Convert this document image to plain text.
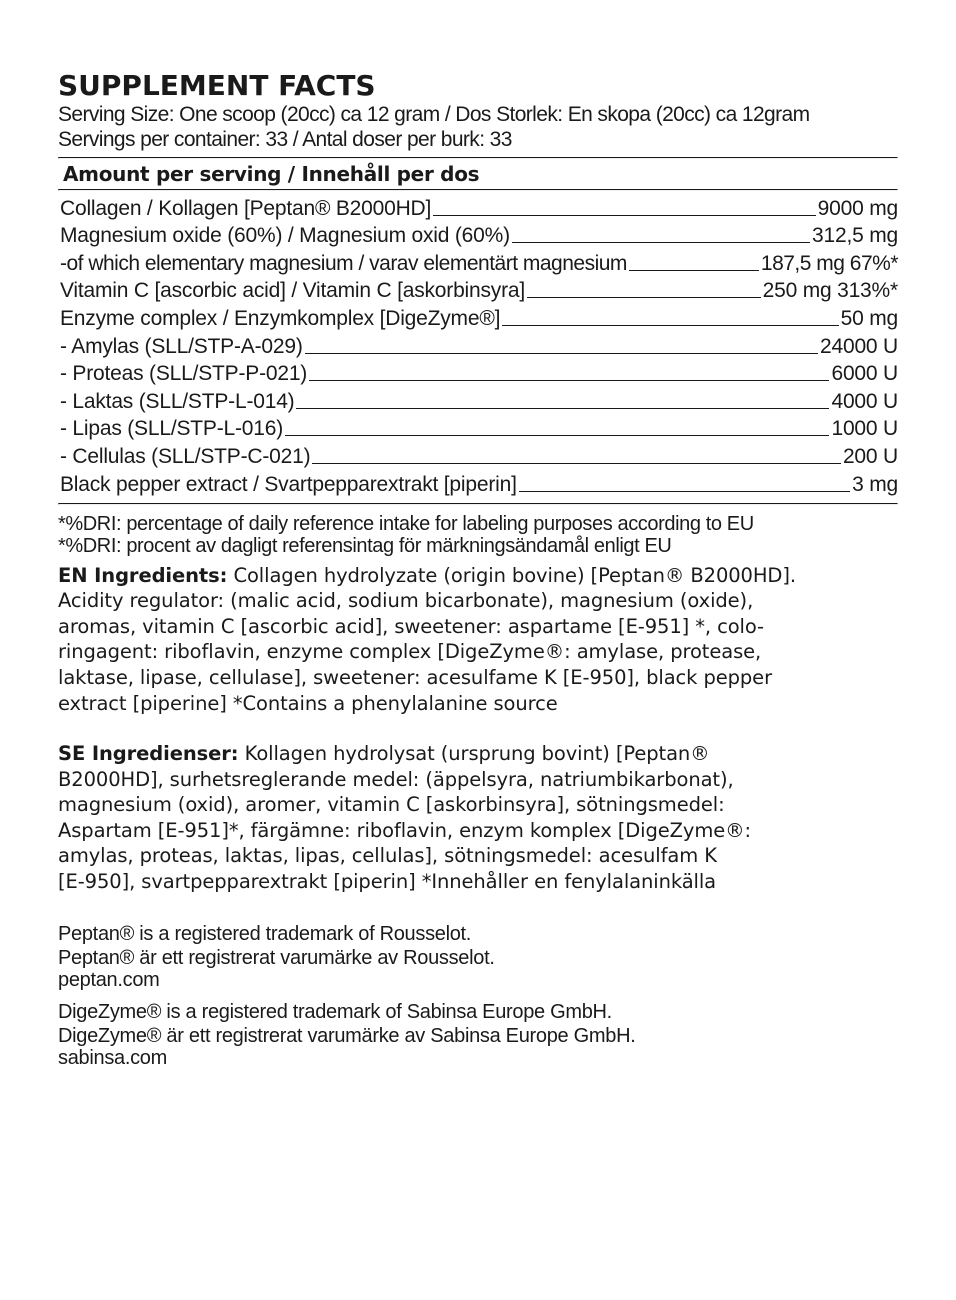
SUPPLEMENT FACTS
Serving Size: One scoop (20cc) ca 12 gram / Dos Storlek: En skopa (20cc) ca 12gram
Servings per container: 33 / Antal doser per burk: 33
Amount per serving / Innehåll per dos
Collagen / Kollagen [Peptan® B2000HD]	9000 mg
Magnesium oxide (60%) / Magnesium oxid (60%)	312,5 mg
-of which elementary magnesium / varav elementärt magnesium	187,5 mg 67%*
Vitamin C [ascorbic acid] / Vitamin C [askorbinsyra]	250 mg 313%*
Enzyme complex / Enzymkomplex [DigeZyme®]	50 mg
- Amylas (SLL/STP-A-029)	24000 U
- Proteas (SLL/STP-P-021)	6000 U
- Laktas (SLL/STP-L-014)	4000 U
- Lipas (SLL/STP-L-016)	1000 U
- Cellulas (SLL/STP-C-021)	200 U
Black pepper extract / Svartpepparextrakt [piperin]	3 mg
*%DRI: percentage of daily reference intake for labeling purposes according to EU
*%DRI: procent av dagligt referensintag för märkningsändamål enligt EU
EN Ingredients: Collagen hydrolyzate (origin bovine) [Peptan® B2000HD].
Acidity regulator: (malic acid, sodium bicarbonate), magnesium (oxide),
aromas, vitamin C [ascorbic acid], sweetener: aspartame [E-951] *, colo-
ringagent: riboflavin, enzyme complex [DigeZyme®: amylase, protease,
laktase, lipase, cellulase], sweetener: acesulfame K [E-950], black pepper
extract [piperine] *Contains a phenylalanine source
SE Ingredienser: Kollagen hydrolysat (ursprung bovint) [Peptan®
B2000HD], surhetsreglerande medel: (äppelsyra, natriumbikarbonat),
magnesium (oxid), aromer, vitamin C [askorbinsyra], sötningsmedel:
Aspartam [E-951]*, färgämne: riboflavin, enzym komplex [DigeZyme®:
amylas, proteas, laktas, lipas, cellulas], sötningsmedel: acesulfam K
[E-950], svartpepparextrakt [piperin] *Innehåller en fenylalaninkälla
Peptan® is a registered trademark of Rousselot.
Peptan® är ett registrerat varumärke av Rousselot.
peptan.com
DigeZyme® is a registered trademark of Sabinsa Europe GmbH.
DigeZyme® är ett registrerat varumärke av Sabinsa Europe GmbH.
sabinsa.com
